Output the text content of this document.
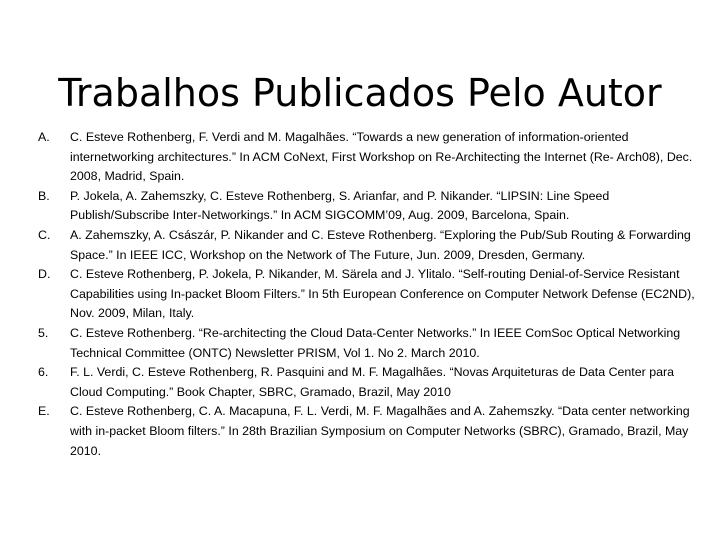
Trabalhos Publicados Pelo Autor
A.	C. Esteve Rothenberg, F. Verdi and M. Magalhães. “Towards a new generation of information-oriented internetworking architectures.” In ACM CoNext, First Workshop on Re-Architecting the Internet (Re- Arch08), Dec. 2008, Madrid, Spain.
B.	P. Jokela, A. Zahemszky, C. Esteve Rothenberg, S. Arianfar, and P. Nikander. “LIPSIN: Line Speed Publish/Subscribe Inter-Networkings.” In ACM SIGCOMM’09, Aug. 2009, Barcelona, Spain.
C.	A. Zahemszky, A. Császár, P. Nikander and C. Esteve Rothenberg. “Exploring the Pub/Sub Routing & Forwarding Space.” In IEEE ICC, Workshop on the Network of The Future, Jun. 2009, Dresden, Germany.
D.	C. Esteve Rothenberg, P. Jokela, P. Nikander, M. Särela and J. Ylitalo. “Self-routing Denial-of-Service Resistant Capabilities using In-packet Bloom Filters.” In 5th European Conference on Computer Network Defense (EC2ND), Nov. 2009, Milan, Italy.
5.	C. Esteve Rothenberg. “Re-architecting the Cloud Data-Center Networks.” In IEEE ComSoc Optical Networking Technical Committee (ONTC) Newsletter PRISM, Vol 1. No 2. March 2010.
6.	F. L. Verdi, C. Esteve Rothenberg, R. Pasquini and M. F. Magalhães. “Novas Arquiteturas de Data Center para Cloud Computing.” Book Chapter, SBRC, Gramado, Brazil, May 2010
E.	C. Esteve Rothenberg, C. A. Macapuna, F. L. Verdi, M. F. Magalhães and A. Zahemszky. “Data center networking with in-packet Bloom filters.” In 28th Brazilian Symposium on Computer Networks (SBRC), Gramado, Brazil, May 2010.
